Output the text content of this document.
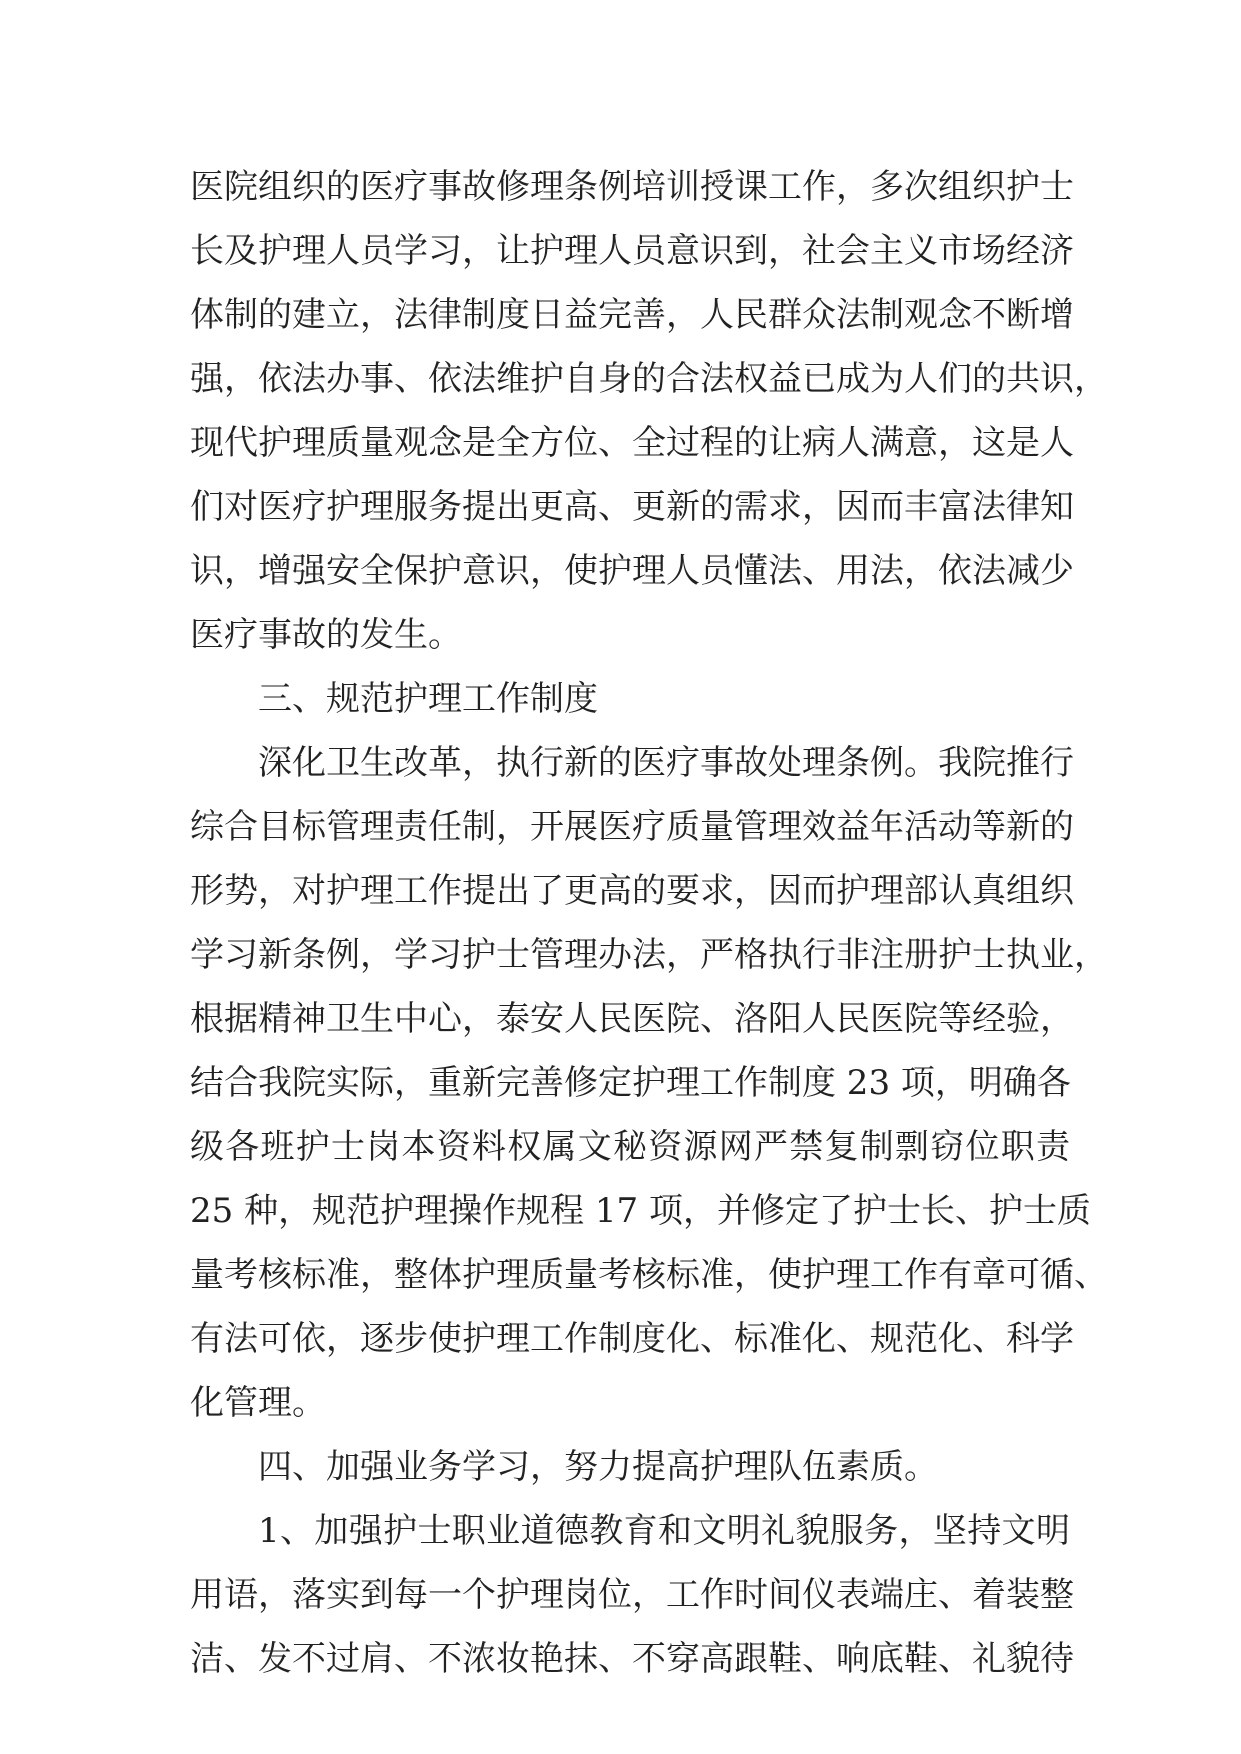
医院组织的医疗事故修理条例培训授课工作，多次组织护士
长及护理人员学习，让护理人员意识到，社会主义市场经济
体制的建立，法律制度日益完善，人民群众法制观念不断增
强，依法办事、依法维护自身的合法权益已成为人们的共识，
现代护理质量观念是全方位、全过程的让病人满意，这是人
们对医疗护理服务提出更高、更新的需求，因而丰富法律知
识，增强安全保护意识，使护理人员懂法、用法，依法减少
医疗事故的发生。
三、规范护理工作制度
深化卫生改革，执行新的医疗事故处理条例。我院推行
综合目标管理责任制，开展医疗质量管理效益年活动等新的
形势，对护理工作提出了更高的要求，因而护理部认真组织
学习新条例，学习护士管理办法，严格执行非注册护士执业，
根据精神卫生中心，泰安人民医院、洛阳人民医院等经验，
结合我院实际，重新完善修定护理工作制度 23 项，明确各
级各班护士岗本资料权属文秘资源网严禁复制剽窃位职责
25 种，规范护理操作规程 17 项，并修定了护士长、护士质
量考核标准，整体护理质量考核标准，使护理工作有章可循、
有法可依，逐步使护理工作制度化、标准化、规范化、科学
化管理。
四、加强业务学习，努力提高护理队伍素质。
1、加强护士职业道德教育和文明礼貌服务，坚持文明
用语，落实到每一个护理岗位，工作时间仪表端庄、着装整
洁、发不过肩、不浓妆艳抹、不穿高跟鞋、响底鞋、礼貌待
